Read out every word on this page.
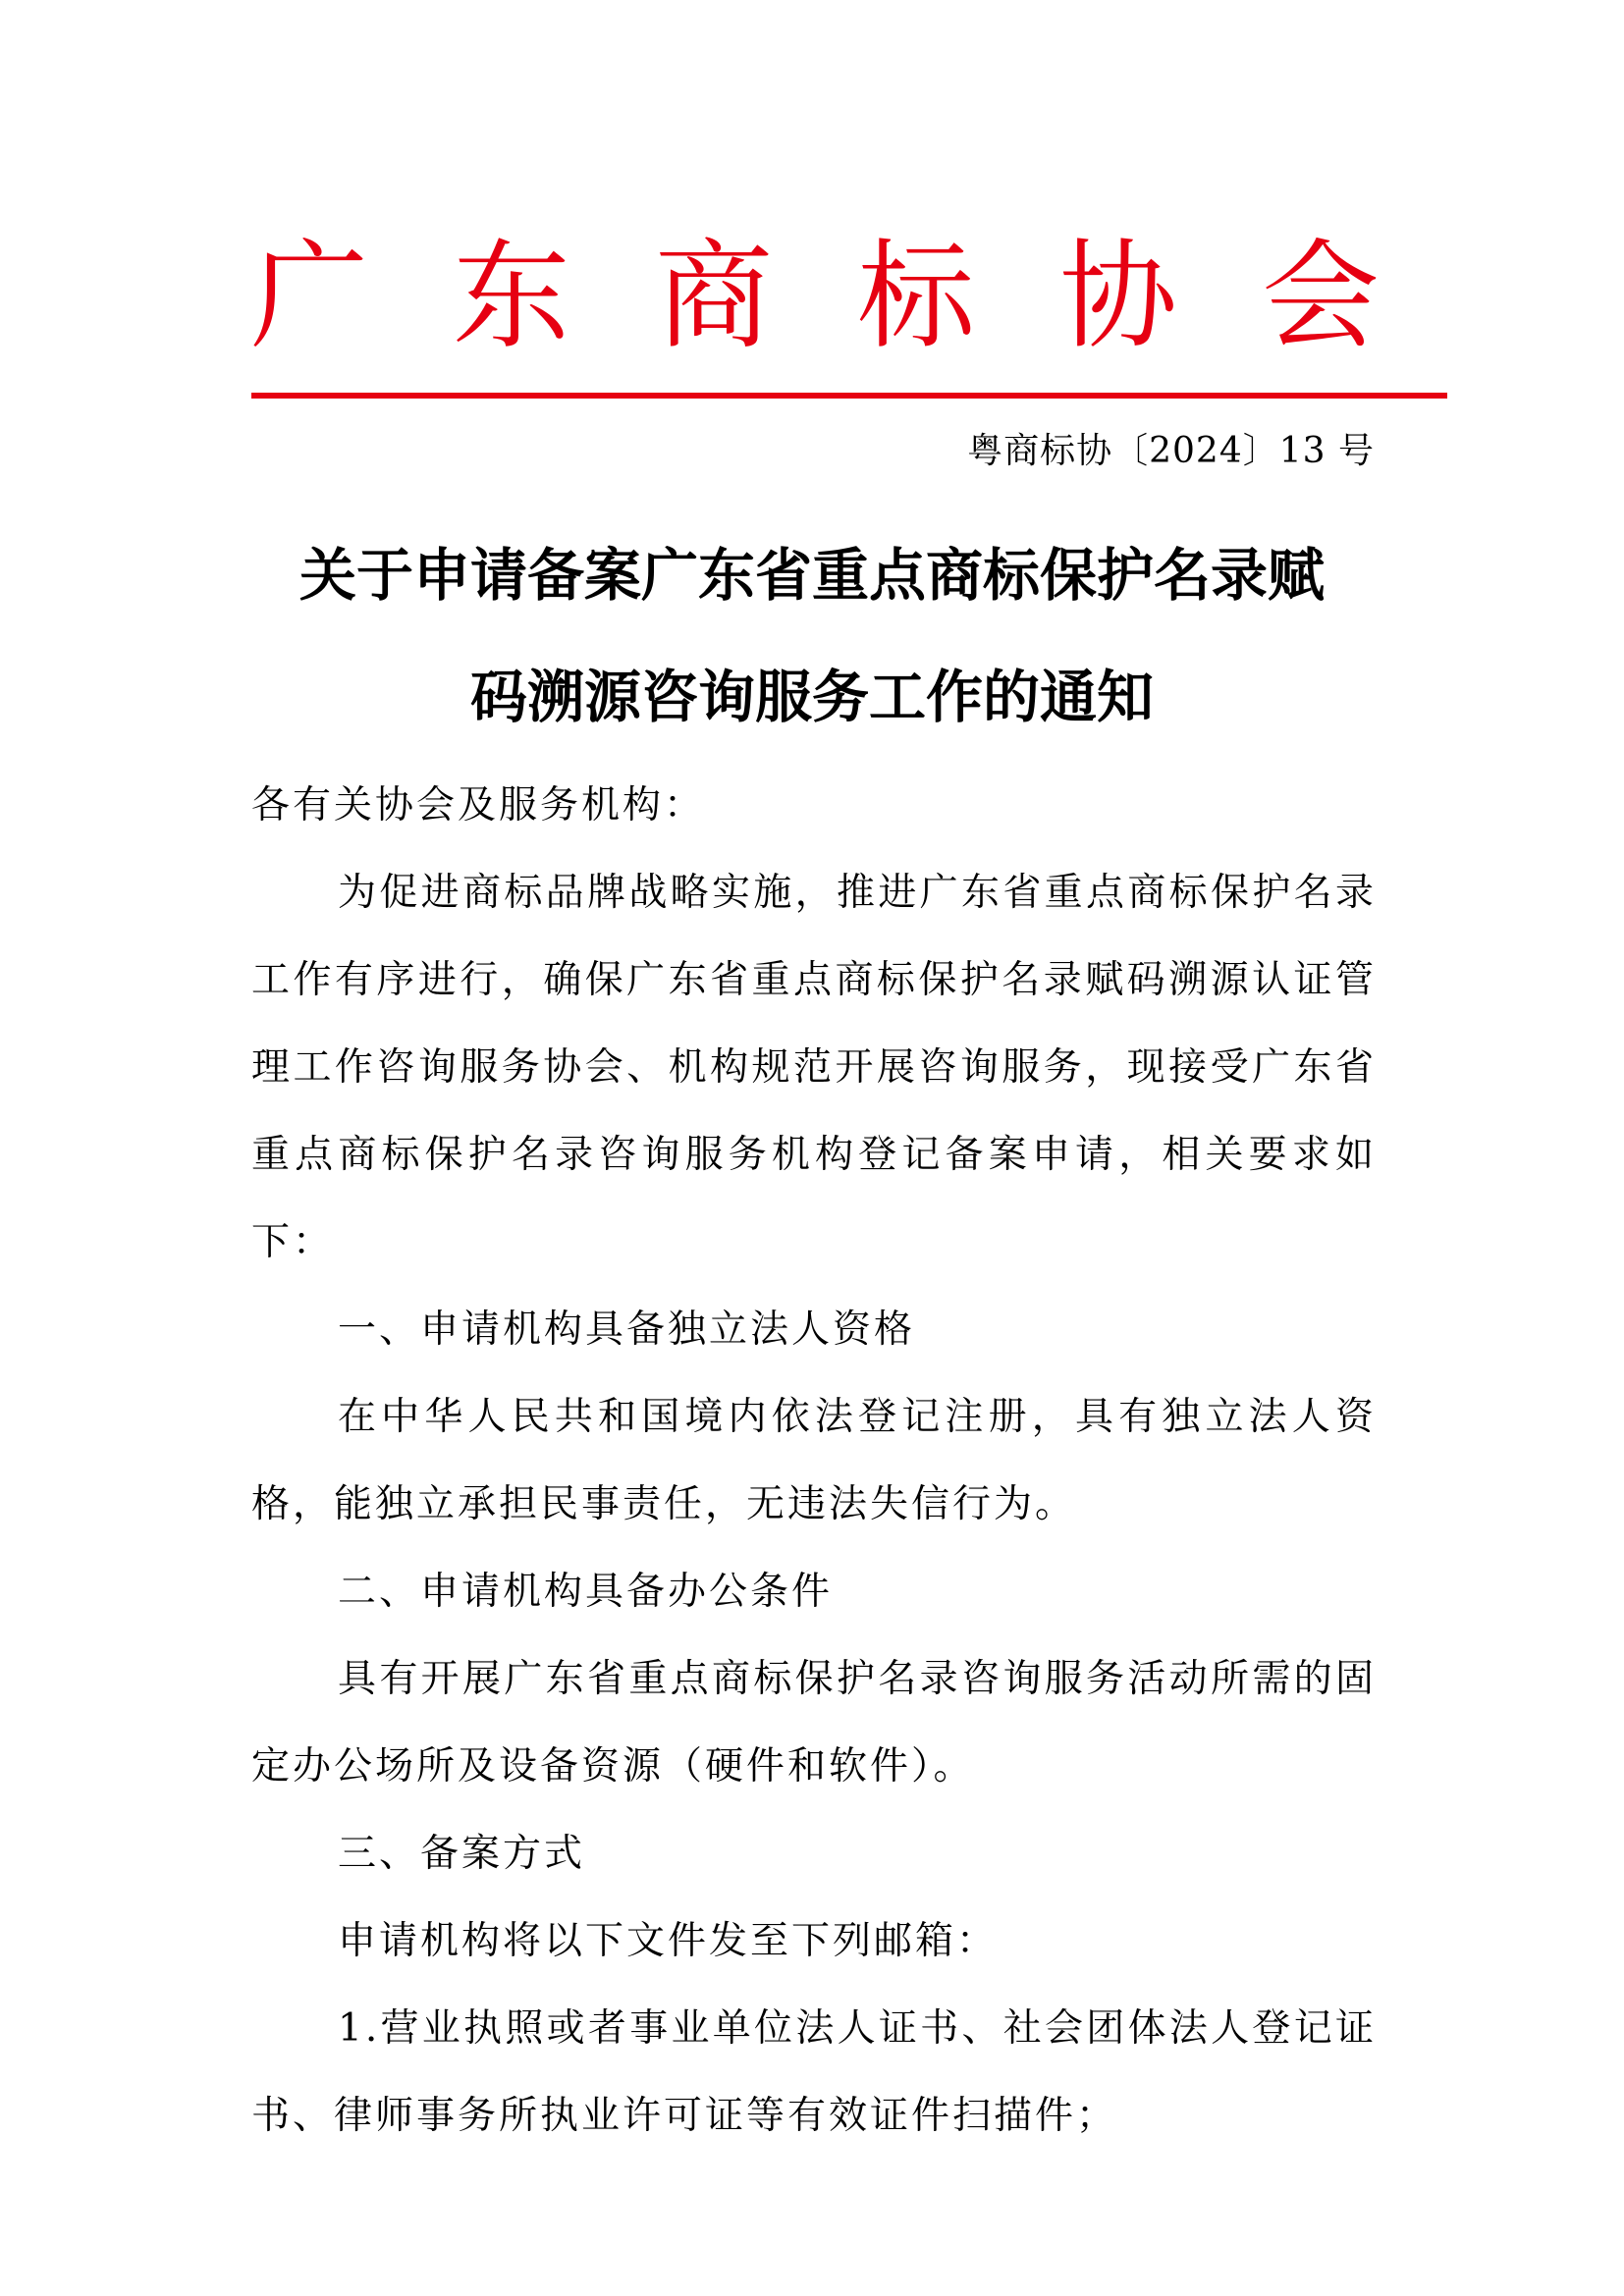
广 东 商 标 协 会

粤商标协〔2024〕13 号

关于申请备案广东省重点商标保护名录赋
码溯源咨询服务工作的通知

各有关协会及服务机构：

为促进商标品牌战略实施，推进广东省重点商标保护名录工作有序进行，确保广东省重点商标保护名录赋码溯源认证管理工作咨询服务协会、机构规范开展咨询服务，现接受广东省重点商标保护名录咨询服务机构登记备案申请，相关要求如下：

一、申请机构具备独立法人资格

在中华人民共和国境内依法登记注册，具有独立法人资格，能独立承担民事责任，无违法失信行为。

二、申请机构具备办公条件

具有开展广东省重点商标保护名录咨询服务活动所需的固定办公场所及设备资源（硬件和软件）。

三、备案方式

申请机构将以下文件发至下列邮箱：

1.营业执照或者事业单位法人证书、社会团体法人登记证书、律师事务所执业许可证等有效证件扫描件；
